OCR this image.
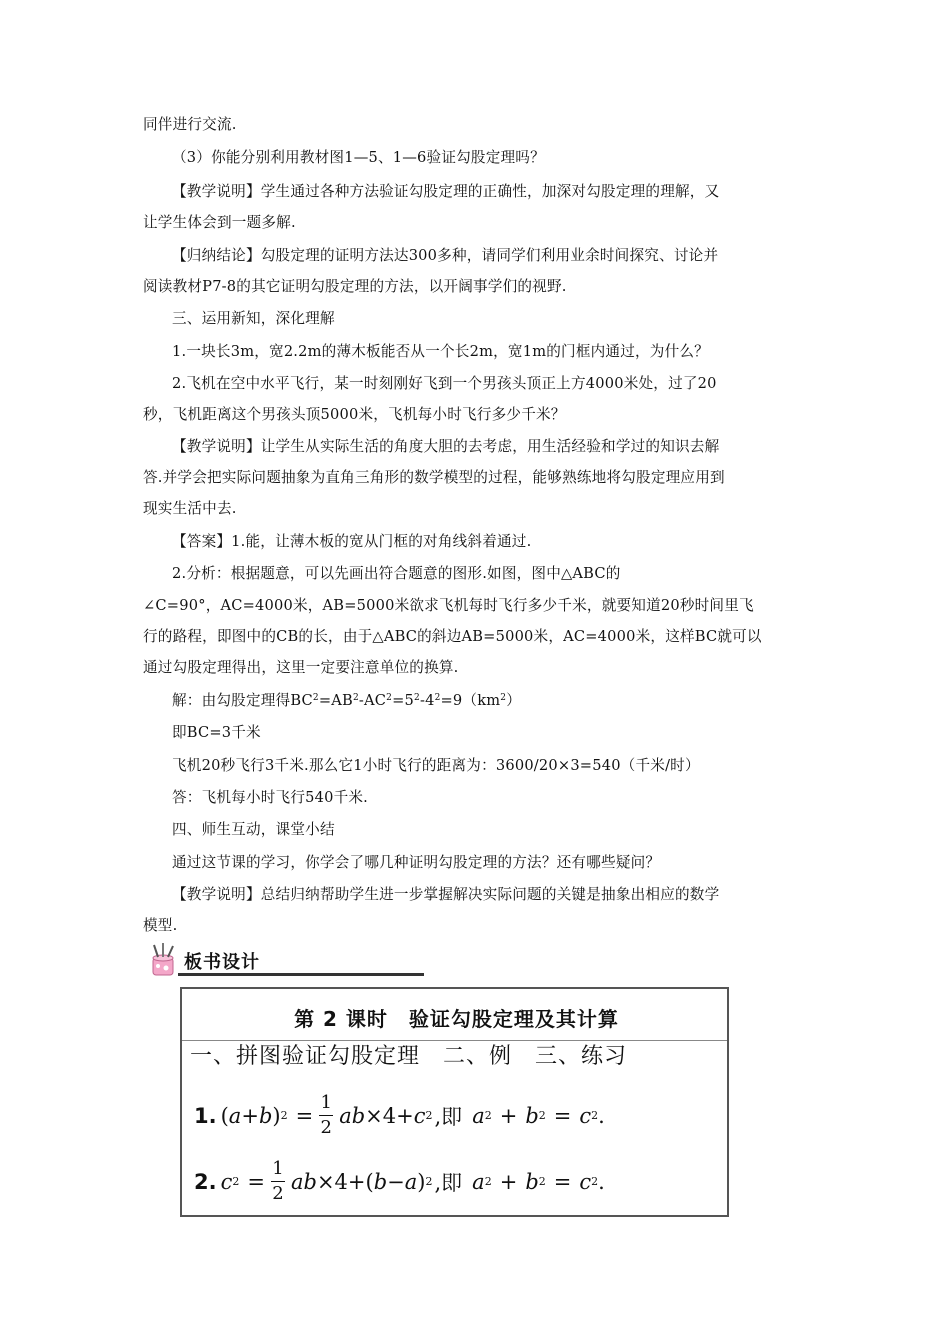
同伴进行交流.
（3）你能分别利用教材图1—5、1—6验证勾股定理吗？
【教学说明】学生通过各种方法验证勾股定理的正确性，加深对勾股定理的理解，又
让学生体会到一题多解.
【归纳结论】勾股定理的证明方法达300多种，请同学们利用业余时间探究、讨论并
阅读教材P7-8的其它证明勾股定理的方法，以开阔事学们的视野.
三、运用新知，深化理解
1.一块长3m，宽2.2m的薄木板能否从一个长2m，宽1m的门框内通过，为什么？
2.飞机在空中水平飞行，某一时刻刚好飞到一个男孩头顶正上方4000米处，过了20
秒，飞机距离这个男孩头顶5000米，飞机每小时飞行多少千米？
【教学说明】让学生从实际生活的角度大胆的去考虑，用生活经验和学过的知识去解
答.并学会把实际问题抽象为直角三角形的数学模型的过程，能够熟练地将勾股定理应用到
现实生活中去.
【答案】1.能，让薄木板的宽从门框的对角线斜着通过.
2.分析：根据题意，可以先画出符合题意的图形.如图，图中△ABC的
∠C=90°，AC=4000米，AB=5000米欲求飞机每时飞行多少千米，就要知道20秒时间里飞
行的路程，即图中的CB的长，由于△ABC的斜边AB=5000米，AC=4000米，这样BC就可以
通过勾股定理得出，这里一定要注意单位的换算.
解：由勾股定理得$BC^2=AB^2-AC^2=5^2-4^2=9(km^2)$
即BC=3千米
飞机20秒飞行3千米.那么它1小时飞行的距离为：3600/20×3=540（千米/时）
答：飞机每小时飞行540千米.
四、师生互动，课堂小结
通过这节课的学习，你学会了哪几种证明勾股定理的方法？还有哪些疑问？
【教学说明】总结归纳帮助学生进一步掌握解决实际问题的关键是抽象出相应的数学
模型.
板书设计
第 2 课时　验证勾股定理及其计算
一、拼图验证勾股定理　二、例　三、练习
1. ( a + b ) $2 = \frac{1}{2}$ ab ×4+ c 2 ,即 a 2 + b 2 = c 2 .
2. c $2 = \frac{1}{2}$ ab ×4+( b − a ) 2 ,即 a 2 + b 2 = c 2 .
